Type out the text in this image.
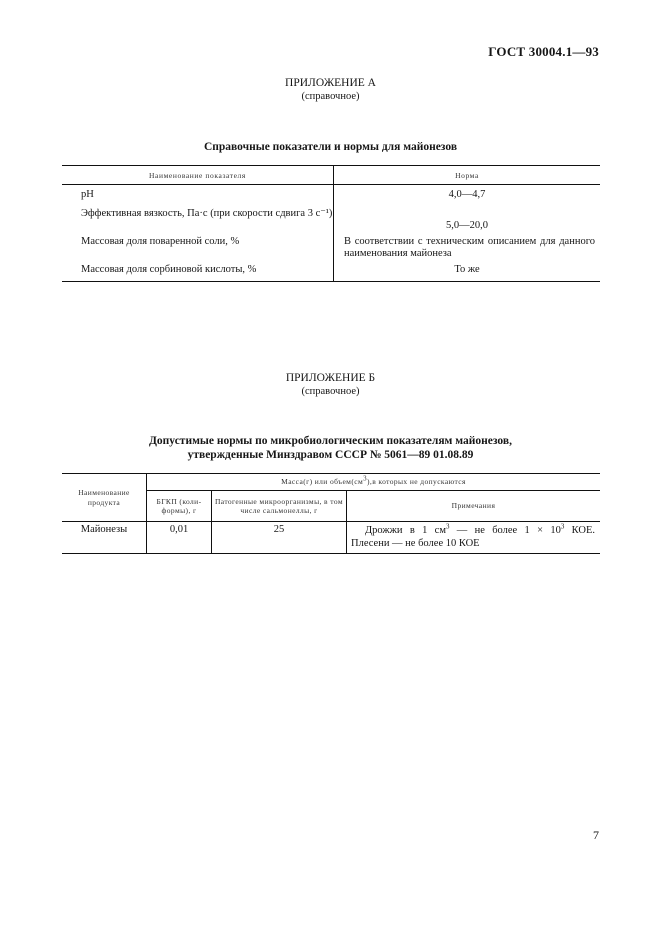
ГОСТ 30004.1—93
ПРИЛОЖЕНИЕ А
(справочное)
Справочные показатели и нормы для майонезов
Наименование показателя	Норма
pH	4,0—4,7
Эффективная вязкость, Па·с (при скорости сдвига 3 с⁻¹)	5,0—20,0
Массовая доля поваренной соли, %	В соответствии с техническим описанием для данного наименования майонеза
Массовая доля сорбиновой кислоты, %	То же
ПРИЛОЖЕНИЕ Б
(справочное)
Допустимые нормы по микробиологическим показателям майонезов,
утвержденные Минздравом СССР № 5061—89 01.08.89
Наименование продукта	Масса(г) или $объем(см^3),в$ которых не допускаются		
	БГКП (коли-формы), г	Патогенные микроорганизмы, в том числе сальмонеллы, г	Примечания
Майонезы	0,01	25	Дрожжи в 1 $см^3$ — не более $1 \times 10^3$ КОЕ.
Плесени — не более 10 КОЕ
7
